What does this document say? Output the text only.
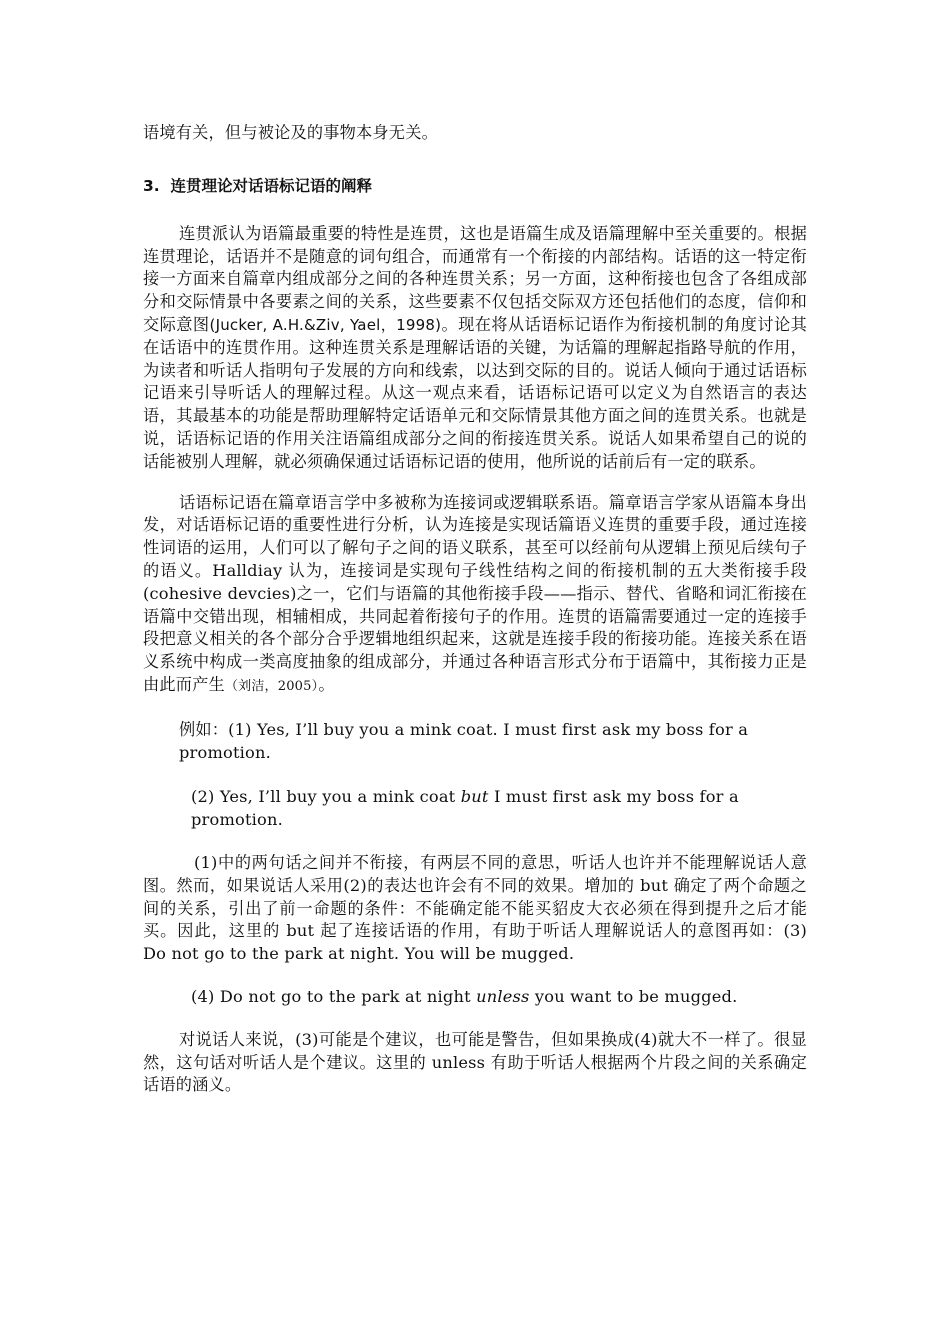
语境有关，但与被论及的事物本身无关。

3. 连贯理论对话语标记语的阐释

连贯派认为语篇最重要的特性是连贯，这也是语篇生成及语篇理解中至关重要的。根据连贯理论，话语并不是随意的词句组合，而通常有一个衔接的内部结构。话语的这一特定衔接一方面来自篇章内组成部分之间的各种连贯关系；另一方面，这种衔接也包含了各组成部分和交际情景中各要素之间的关系，这些要素不仅包括交际双方还包括他们的态度，信仰和交际意图(Jucker, A.H.&Ziv, Yael，1998)。现在将从话语标记语作为衔接机制的角度讨论其在话语中的连贯作用。这种连贯关系是理解话语的关键，为话篇的理解起指路导航的作用，为读者和听话人指明句子发展的方向和线索，以达到交际的目的。说话人倾向于通过话语标记语来引导听话人的理解过程。从这一观点来看，话语标记语可以定义为自然语言的表达语，其最基本的功能是帮助理解特定话语单元和交际情景其他方面之间的连贯关系。也就是说，话语标记语的作用关注语篇组成部分之间的衔接连贯关系。说话人如果希望自己的说的话能被别人理解，就必须确保通过话语标记语的使用，他所说的话前后有一定的联系。

话语标记语在篇章语言学中多被称为连接词或逻辑联系语。篇章语言学家从语篇本身出发，对话语标记语的重要性进行分析，认为连接是实现话篇语义连贯的重要手段，通过连接性词语的运用，人们可以了解句子之间的语义联系，甚至可以经前句从逻辑上预见后续句子的语义。Halldiay 认为，连接词是实现句子线性结构之间的衔接机制的五大类衔接手段(cohesive devcies)之一，它们与语篇的其他衔接手段——指示、替代、省略和词汇衔接在语篇中交错出现，相辅相成，共同起着衔接句子的作用。连贯的语篇需要通过一定的连接手段把意义相关的各个部分合乎逻辑地组织起来，这就是连接手段的衔接功能。连接关系在语义系统中构成一类高度抽象的组成部分，并通过各种语言形式分布于语篇中，其衔接力正是由此而产生（刘洁，2005）。

例如：(1) Yes, I’ll buy you a mink coat. I must first ask my boss for a promotion.

(2) Yes, I’ll buy you a mink coat but I must first ask my boss for a promotion.

(1)中的两句话之间并不衔接，有两层不同的意思，听话人也许并不能理解说话人意图。然而，如果说话人采用(2)的表达也许会有不同的效果。增加的 but 确定了两个命题之间的关系，引出了前一命题的条件：不能确定能不能买貂皮大衣必须在得到提升之后才能买。因此，这里的 but 起了连接话语的作用，有助于听话人理解说话人的意图再如：(3) Do not go to the park at night. You will be mugged.

(4) Do not go to the park at night unless you want to be mugged.

对说话人来说，(3)可能是个建议，也可能是警告，但如果换成(4)就大不一样了。很显然，这句话对听话人是个建议。这里的 unless 有助于听话人根据两个片段之间的关系确定话语的涵义。
